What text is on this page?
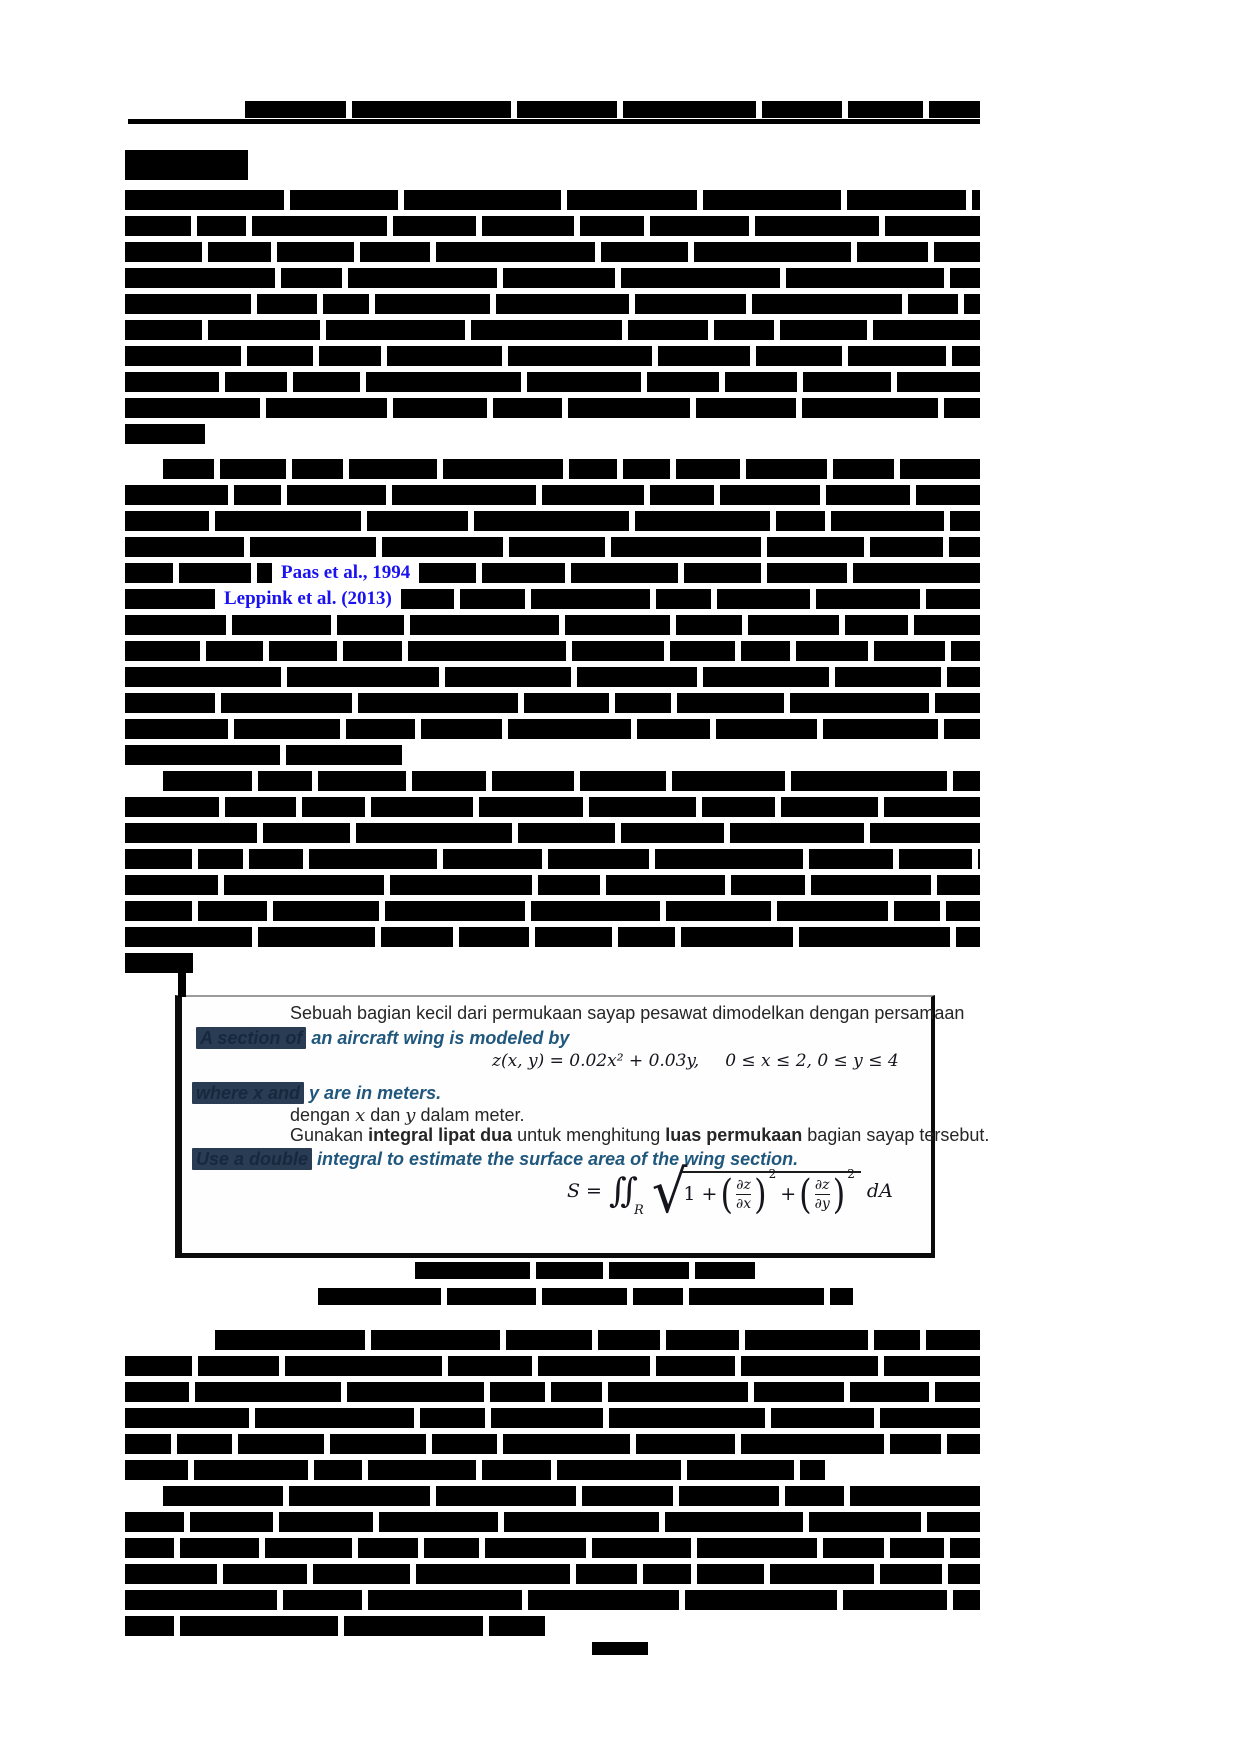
Sebuah bagian kecil dari permukaan sayap pesawat dimodelkan dengan persamaan
A section of an aircraft wing is modeled by
z(x, y) = 0.02x² + 0.03y, 0 ≤ x ≤ 2, 0 ≤ y ≤ 4
where x and y are in meters.
dengan x dan y dalam meter.
Gunakan integral lipat dua untuk menghitung luas permukaan bagian sayap tersebut.
Use a double integral to estimate the surface area of the wing section.
$S = ∬_R$ √
1 + ( $\frac{\partial z}{\partial x}$ ) 2
+ ( $\frac{\partial z}{\partial y}$ ) 2
dA
Paas et al., 1994
Leppink et al. (2013)
